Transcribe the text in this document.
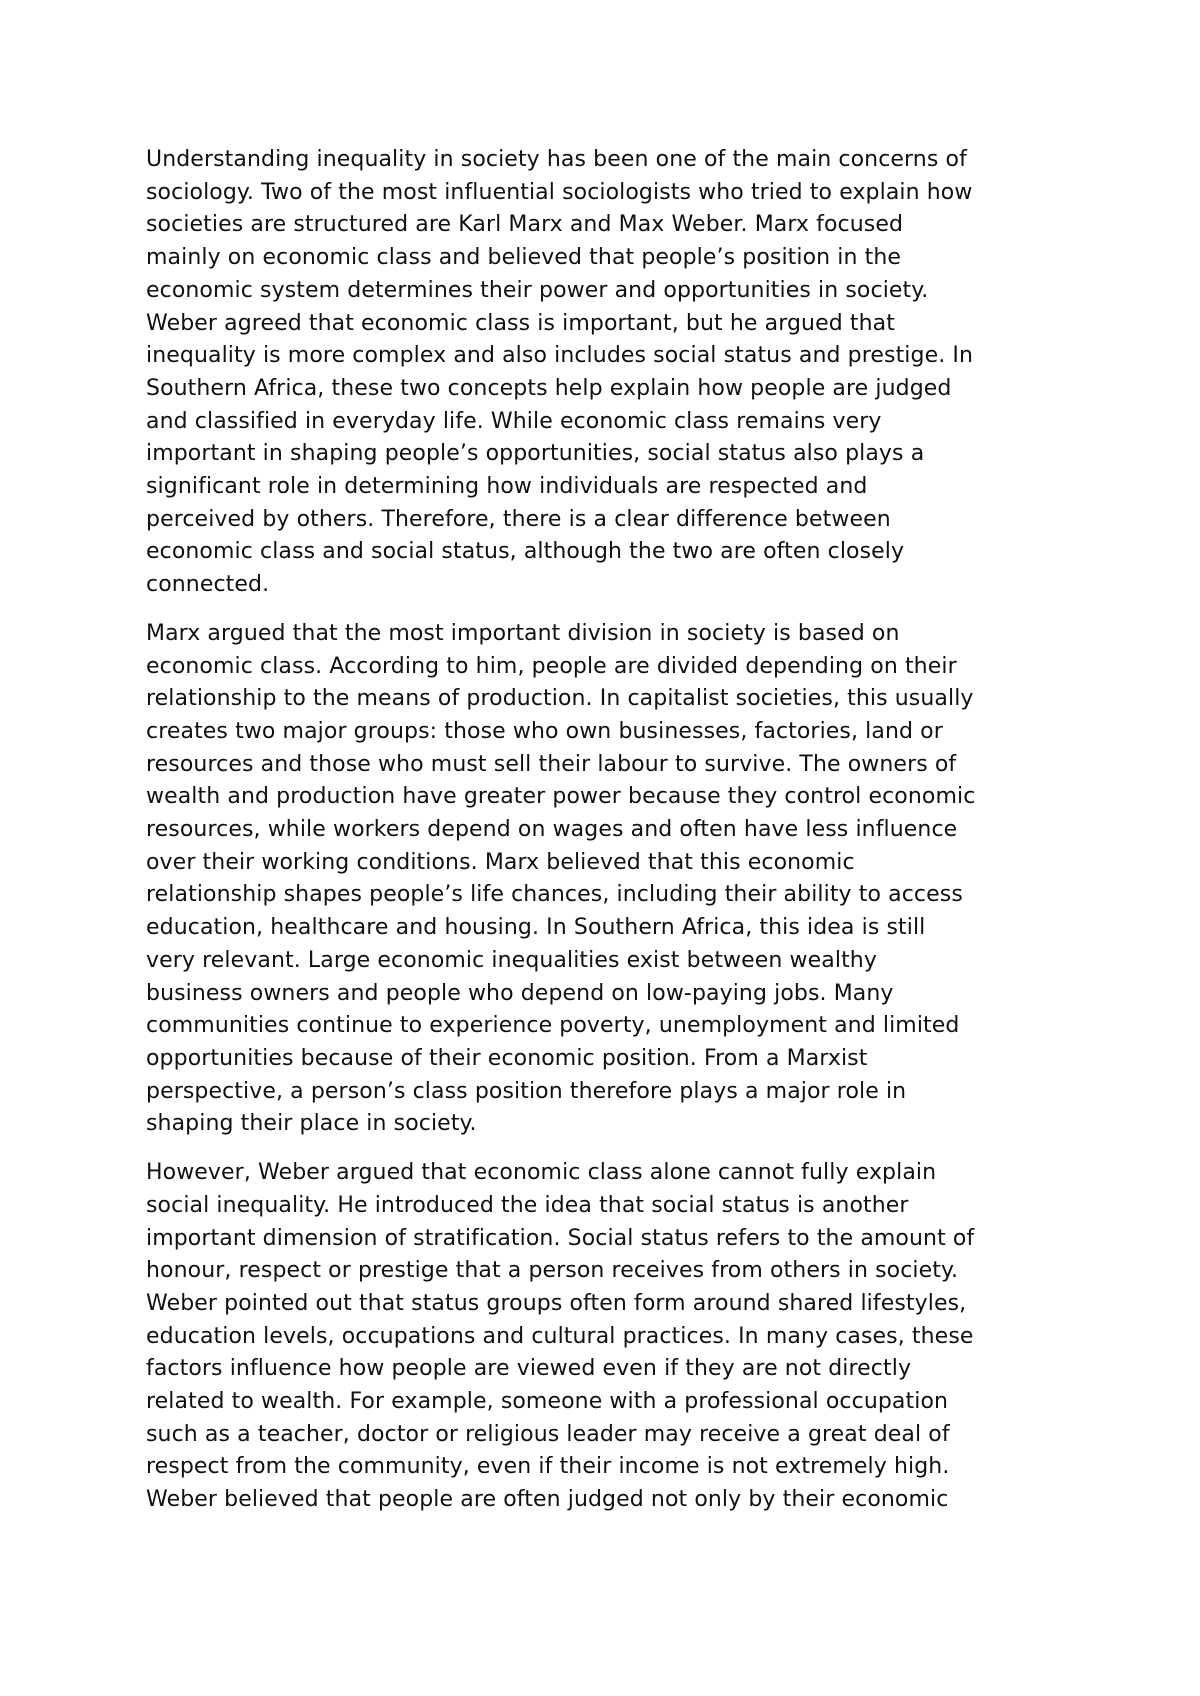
Understanding inequality in society has been one of the main concerns of
sociology. Two of the most influential sociologists who tried to explain how
societies are structured are Karl Marx and Max Weber. Marx focused
mainly on economic class and believed that people’s position in the
economic system determines their power and opportunities in society.
Weber agreed that economic class is important, but he argued that
inequality is more complex and also includes social status and prestige. In
Southern Africa, these two concepts help explain how people are judged
and classified in everyday life. While economic class remains very
important in shaping people’s opportunities, social status also plays a
significant role in determining how individuals are respected and
perceived by others. Therefore, there is a clear difference between
economic class and social status, although the two are often closely
connected.

Marx argued that the most important division in society is based on
economic class. According to him, people are divided depending on their
relationship to the means of production. In capitalist societies, this usually
creates two major groups: those who own businesses, factories, land or
resources and those who must sell their labour to survive. The owners of
wealth and production have greater power because they control economic
resources, while workers depend on wages and often have less influence
over their working conditions. Marx believed that this economic
relationship shapes people’s life chances, including their ability to access
education, healthcare and housing. In Southern Africa, this idea is still
very relevant. Large economic inequalities exist between wealthy
business owners and people who depend on low-paying jobs. Many
communities continue to experience poverty, unemployment and limited
opportunities because of their economic position. From a Marxist
perspective, a person’s class position therefore plays a major role in
shaping their place in society.

However, Weber argued that economic class alone cannot fully explain
social inequality. He introduced the idea that social status is another
important dimension of stratification. Social status refers to the amount of
honour, respect or prestige that a person receives from others in society.
Weber pointed out that status groups often form around shared lifestyles,
education levels, occupations and cultural practices. In many cases, these
factors influence how people are viewed even if they are not directly
related to wealth. For example, someone with a professional occupation
such as a teacher, doctor or religious leader may receive a great deal of
respect from the community, even if their income is not extremely high.
Weber believed that people are often judged not only by their economic
